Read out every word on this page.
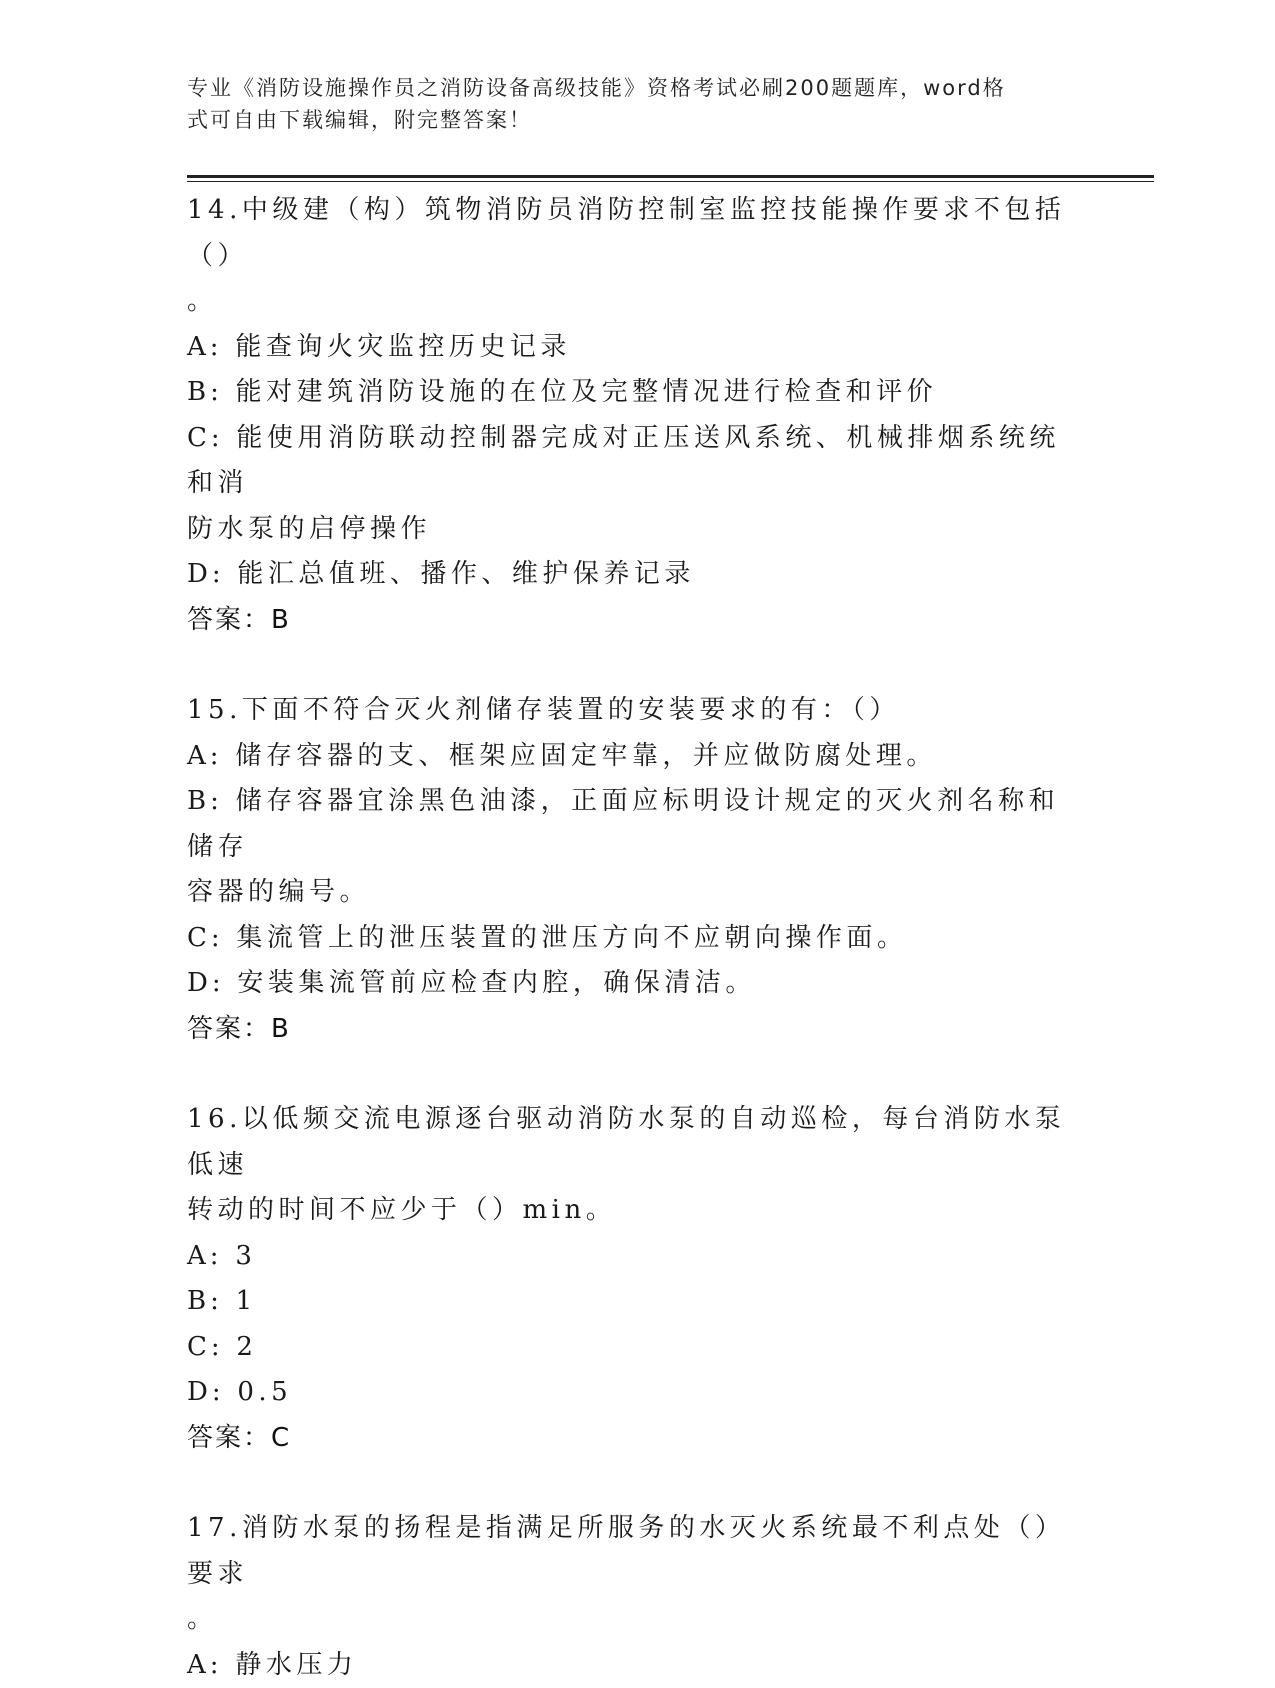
专业《消防设施操作员之消防设备高级技能》资格考试必刷200题题库，word格
式可自由下载编辑，附完整答案！

14.中级建（构）筑物消防员消防控制室监控技能操作要求不包括（）

。

A: 能查询火灾监控历史记录

B: 能对建筑消防设施的在位及完整情况进行检查和评价

C: 能使用消防联动控制器完成对正压送风系统、机械排烟系统统和消

防水泵的启停操作

D: 能汇总值班、播作、维护保养记录

答案：B

15.下面不符合灭火剂储存装置的安装要求的有：（）

A: 储存容器的支、框架应固定牢靠，并应做防腐处理。

B: 储存容器宜涂黑色油漆，正面应标明设计规定的灭火剂名称和储存

容器的编号。

C: 集流管上的泄压装置的泄压方向不应朝向操作面。

D: 安装集流管前应检查内腔，确保清洁。

答案：B

16.以低频交流电源逐台驱动消防水泵的自动巡检，每台消防水泵低速

转动的时间不应少于（）min。

A: 3

B: 1

C: 2

D: 0.5

答案：C

17.消防水泵的扬程是指满足所服务的水灭火系统最不利点处（）要求

。

A: 静水压力
